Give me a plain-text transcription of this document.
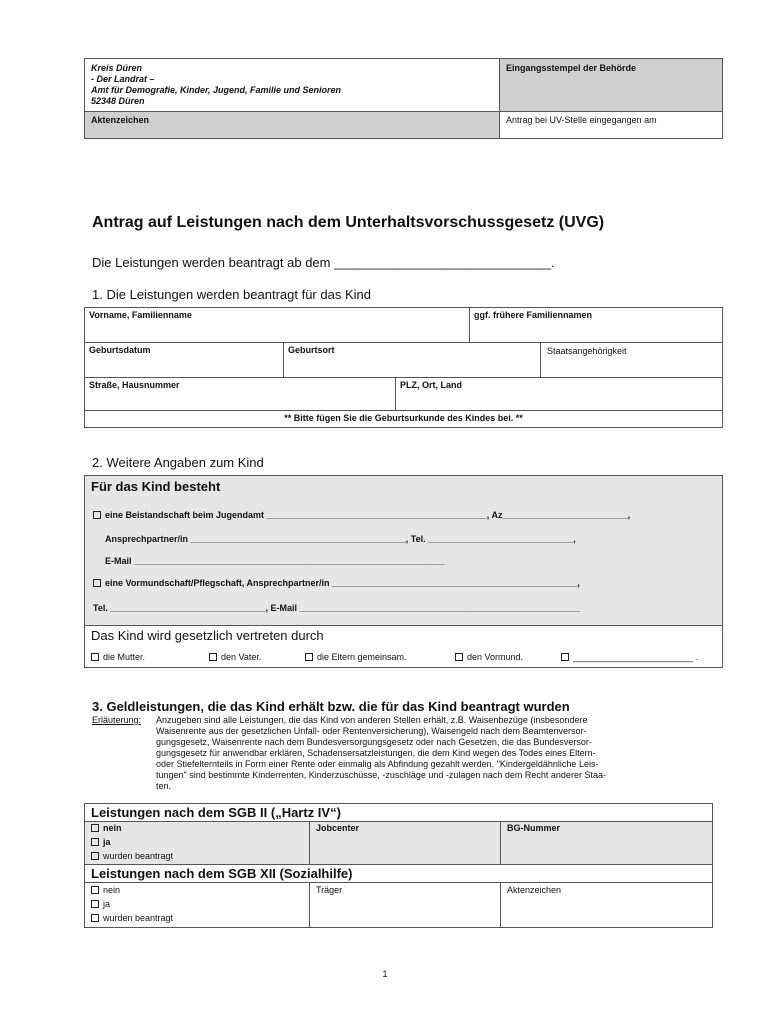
Kreis Düren
- Der Landrat –
Amt für Demografie, Kinder, Jugend, Familie und Senioren
52348 Düren
Eingangsstempel der Behörde
Aktenzeichen	Antrag bei UV-Stelle eingegangen am
Antrag auf Leistungen nach dem Unterhaltsvorschussgesetz (UVG)
Die Leistungen werden beantragt ab dem ______________________________.
1. Die Leistungen werden beantragt für das Kind
Vorname, Familienname	ggf. frühere Familiennamen
Geburtsdatum	Geburtsort	Staatsangehörigkeit
Straße, Hausnummer	PLZ, Ort, Land
** Bitte fügen Sie die Geburtsurkunde des Kindes bei. **
2. Weitere Angaben zum Kind
Für das Kind besteht
eine Beistandschaft beim Jugendamt ____________________________________________, Az_________________________,
Ansprechpartner/in ___________________________________________, Tel. _____________________________,
E-Mail ______________________________________________________________
eine Vormundschaft/Pflegschaft, Ansprechpartner/in _________________________________________________,
Tel. _______________________________, E-Mail ________________________________________________________
Das Kind wird gesetzlich vertreten durch
die Mutter.	den Vater.	die Eltern gemeinsam.	den Vormund.	________________________ .
3. Geldleistungen, die das Kind erhält bzw. die für das Kind beantragt wurden
Erläuterung: Anzugeben sind alle Leistungen, die das Kind von anderen Stellen erhält, z.B. Waisenbezüge (insbesondere
Waisenrente aus der gesetzlichen Unfall- oder Rentenversicherung), Waisengeld nach dem Beamtenversor-
gungsgesetz, Waisenrente nach dem Bundesversorgungsgesetz oder nach Gesetzen, die das Bundesversor-
gungsgesetz für anwendbar erklären, Schadensersatzleistungen, die dem Kind wegen des Todes eines Eltern-
oder Stiefelternteils in Form einer Rente oder einmalig als Abfindung gezahlt werden. "Kindergeldähnliche Leis-
tungen" sind bestimmte Kinderrenten, Kinderzuschüsse, -zuschläge und -zulagen nach dem Recht anderer Staa-
ten.
Leistungen nach dem SGB II („Hartz IV“)
nein
ja
wurden beantragt
Jobcenter	BG-Nummer
Leistungen nach dem SGB XII (Sozialhilfe)
nein
ja
wurden beantragt
Träger	Aktenzeichen
1
